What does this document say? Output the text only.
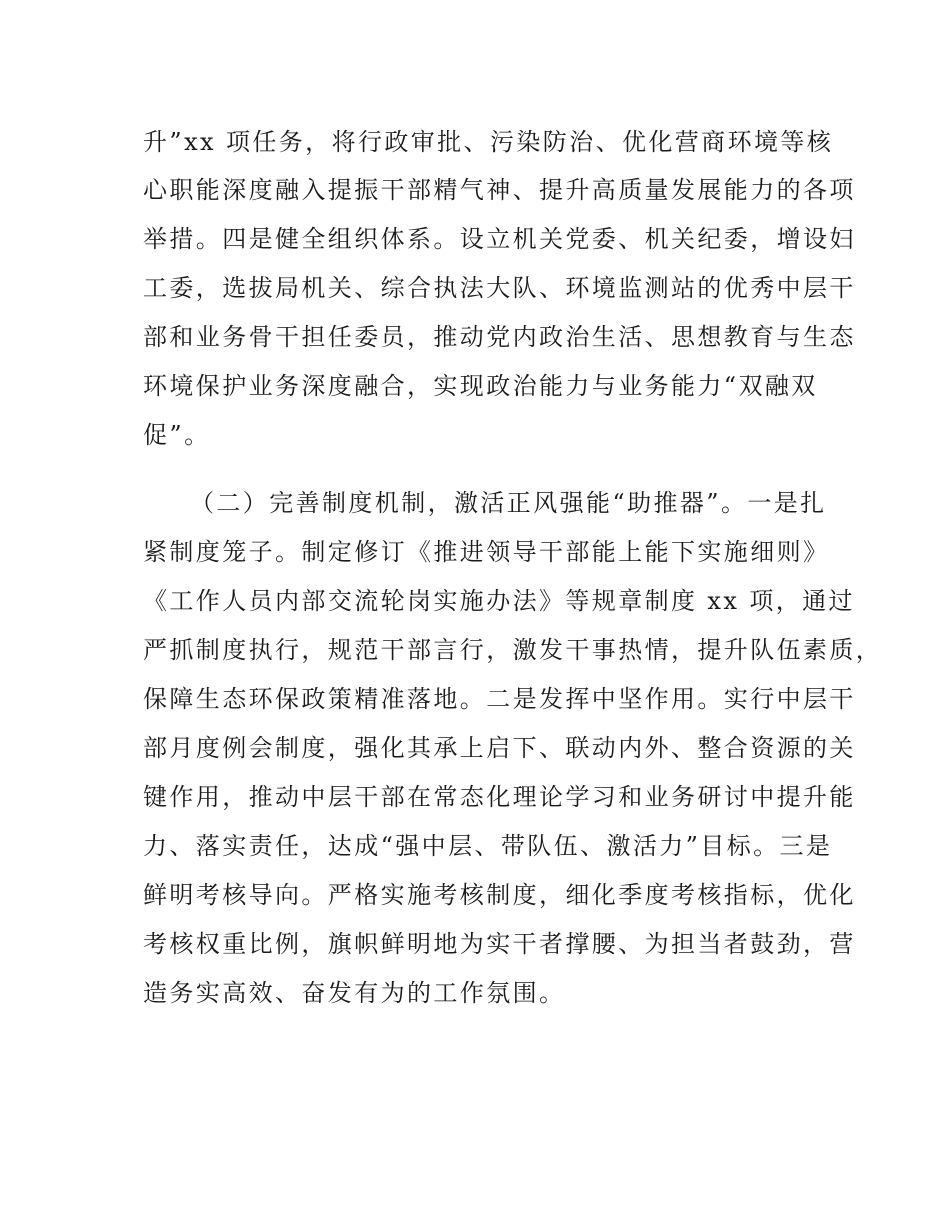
升”xx 项任务，将行政审批、污染防治、优化营商环境等核
心职能深度融入提振干部精气神、提升高质量发展能力的各项
举措。四是健全组织体系。设立机关党委、机关纪委，增设妇
工委，选拔局机关、综合执法大队、环境监测站的优秀中层干
部和业务骨干担任委员，推动党内政治生活、思想教育与生态
环境保护业务深度融合，实现政治能力与业务能力“双融双
促”。
（二）完善制度机制，激活正风强能“助推器”。一是扎
紧制度笼子。制定修订《推进领导干部能上能下实施细则》
《工作人员内部交流轮岗实施办法》等规章制度 xx 项，通过
严抓制度执行，规范干部言行，激发干事热情，提升队伍素质，
保障生态环保政策精准落地。二是发挥中坚作用。实行中层干
部月度例会制度，强化其承上启下、联动内外、整合资源的关
键作用，推动中层干部在常态化理论学习和业务研讨中提升能
力、落实责任，达成“强中层、带队伍、激活力”目标。三是
鲜明考核导向。严格实施考核制度，细化季度考核指标，优化
考核权重比例，旗帜鲜明地为实干者撑腰、为担当者鼓劲，营
造务实高效、奋发有为的工作氛围。
